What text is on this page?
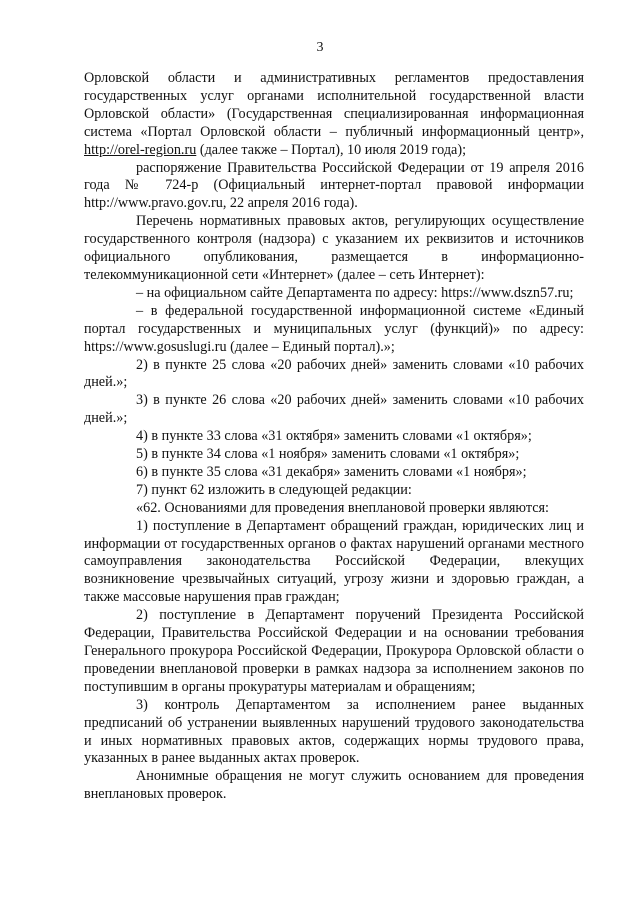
3

Орловской области и административных регламентов предоставления государственных услуг органами исполнительной государственной власти Орловской области» (Государственная специализированная информационная система «Портал Орловской области – публичный информационный центр», http://orel-region.ru (далее также – Портал), 10 июля 2019 года);

распоряжение Правительства Российской Федерации от 19 апреля 2016 года № 724-р (Официальный интернет-портал правовой информации http://www.pravo.gov.ru, 22 апреля 2016 года).

Перечень нормативных правовых актов, регулирующих осуществление государственного контроля (надзора) с указанием их реквизитов и источников официального опубликования, размещается в информационно-телекоммуникационной сети «Интернет» (далее – сеть Интернет):

– на официальном сайте Департамента по адресу: https://www.dszn57.ru;

– в федеральной государственной информационной системе «Единый портал государственных и муниципальных услуг (функций)» по адресу: https://www.gosuslugi.ru (далее – Единый портал).»;

2) в пункте 25 слова «20 рабочих дней» заменить словами «10 рабочих дней.»;

3) в пункте 26 слова «20 рабочих дней» заменить словами «10 рабочих дней.»;

4) в пункте 33 слова «31 октября» заменить словами «1 октября»;

5) в пункте 34 слова «1 ноября» заменить словами «1 октября»;

6) в пункте 35 слова «31 декабря» заменить словами «1 ноября»;

7) пункт 62 изложить в следующей редакции:

«62. Основаниями для проведения внеплановой проверки являются:

1) поступление в Департамент обращений граждан, юридических лиц и информации от государственных органов о фактах нарушений органами местного самоуправления законодательства Российской Федерации, влекущих возникновение чрезвычайных ситуаций, угрозу жизни и здоровью граждан, а также массовые нарушения прав граждан;

2) поступление в Департамент поручений Президента Российской Федерации, Правительства Российской Федерации и на основании требования Генерального прокурора Российской Федерации, Прокурора Орловской области о проведении внеплановой проверки в рамках надзора за исполнением законов по поступившим в органы прокуратуры материалам и обращениям;

3) контроль Департаментом за исполнением ранее выданных предписаний об устранении выявленных нарушений трудового законодательства и иных нормативных правовых актов, содержащих нормы трудового права, указанных в ранее выданных актах проверок.

Анонимные обращения не могут служить основанием для проведения внеплановых проверок.
